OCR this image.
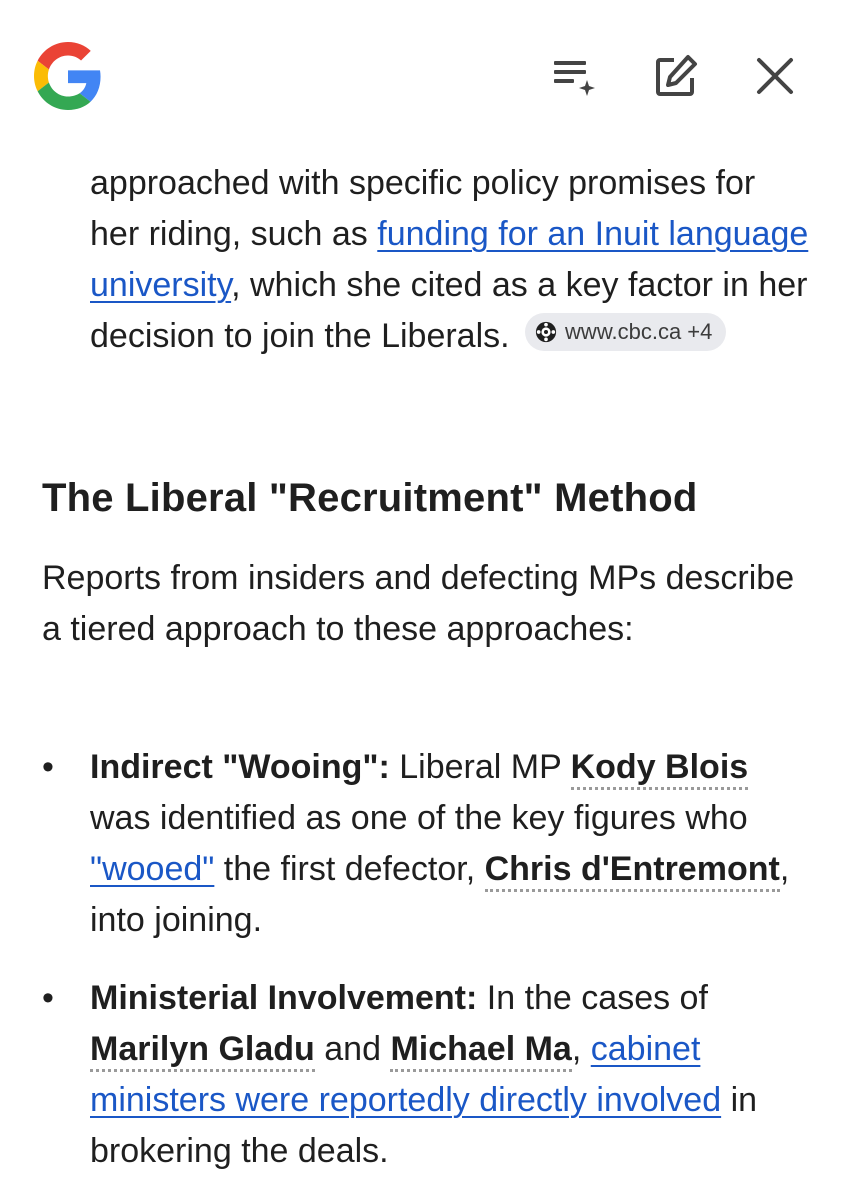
approached with specific policy promises for her riding, such as funding for an Inuit language university, which she cited as a key factor in her decision to join the Liberals.	www.cbc.ca +4

The Liberal "Recruitment" Method

Reports from insiders and defecting MPs describe a tiered approach to these approaches:

• Indirect "Wooing": Liberal MP Kody Blois was identified as one of the key figures who "wooed" the first defector, Chris d'Entremont, into joining.

• Ministerial Involvement: In the cases of Marilyn Gladu and Michael Ma, cabinet ministers were reportedly directly involved in brokering the deals.
